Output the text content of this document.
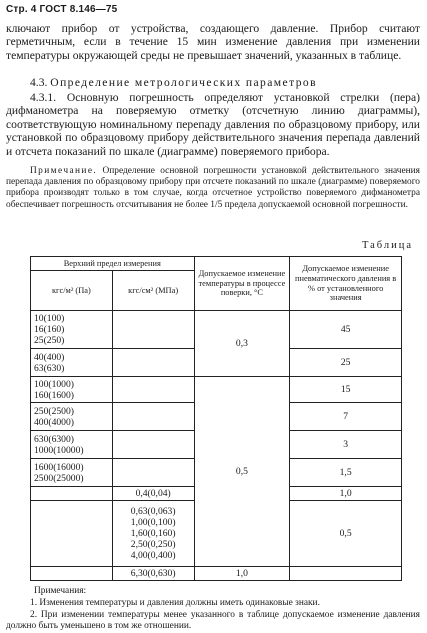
Стр. 4 ГОСТ 8.146—75

ключают прибор от устройства, создающего давление. Прибор считают герметичным, если в течение 15 мин изменение давления при изменении температуры окружающей среды не превышает значений, указанных в таблице.

4.3. Определение метрологических параметров

4.3.1. Основную погрешность определяют установкой стрелки (пера) дифманометра на поверяемую отметку (отсчетную линию диаграммы), соответствующую номинальному перепаду давления по образцовому прибору, или установкой по образцовому прибору действительного значения перепада давлений и отсчета показаний по шкале (диаграмме) поверяемого прибора.

Примечание. Определение основной погрешности установкой действительного значения перепада давления по образцовому прибору при отсчете показаний по шкале (диаграмме) поверяемого прибора производят только в том случае, когда отсчетное устройство поверяемого дифманометра обеспечивает погрешность отсчитывания не более 1/5 предела допускаемой основной погрешности.

Таблица
Верхний предел измерения		Допускаемое изменение температуры в процессе поверки, °С	Допускаемое изменение пневматического давления в % от установленного значения
кгс/м² (Па)	кгс/см² (МПа)		

10(100)
16(160)
25(250)		0,3	45

40(400)
63(630)			25

100(1000)
160(1600)		0,5	15

250(2500)
400(4000)			7

630(6300)
1000(10000)			3

1600(16000)
2500(25000)			1,5
	0,4(0,04)		1,0

	0,63(0,063)
1,00(0,100)
1,60(0,160)
2,50(0,250)
4,00(0,400)		0,5
	6,30(0,630)	1,0	

Примечания:

1. Изменения температуры и давления должны иметь одинаковые знаки.

2. При изменении температуры менее указанного в таблице допускаемое изменение давления должно быть уменьшено в том же отношении.
